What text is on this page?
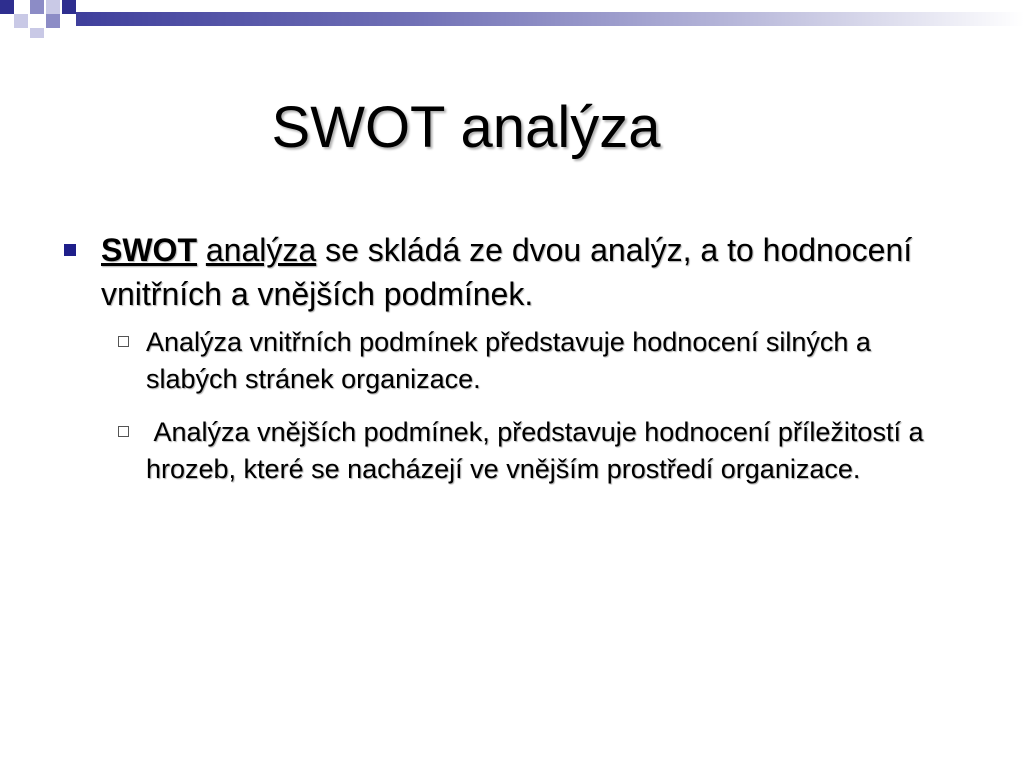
SWOT analýza
SWOT analýza se skládá ze dvou analýz, a to hodnocení vnitřních a vnějších podmínek.
Analýza vnitřních podmínek představuje hodnocení silných a slabých stránek organizace.
Analýza vnějších podmínek, představuje hodnocení příležitostí a hrozeb, které se nacházejí ve vnějším prostředí organizace.
